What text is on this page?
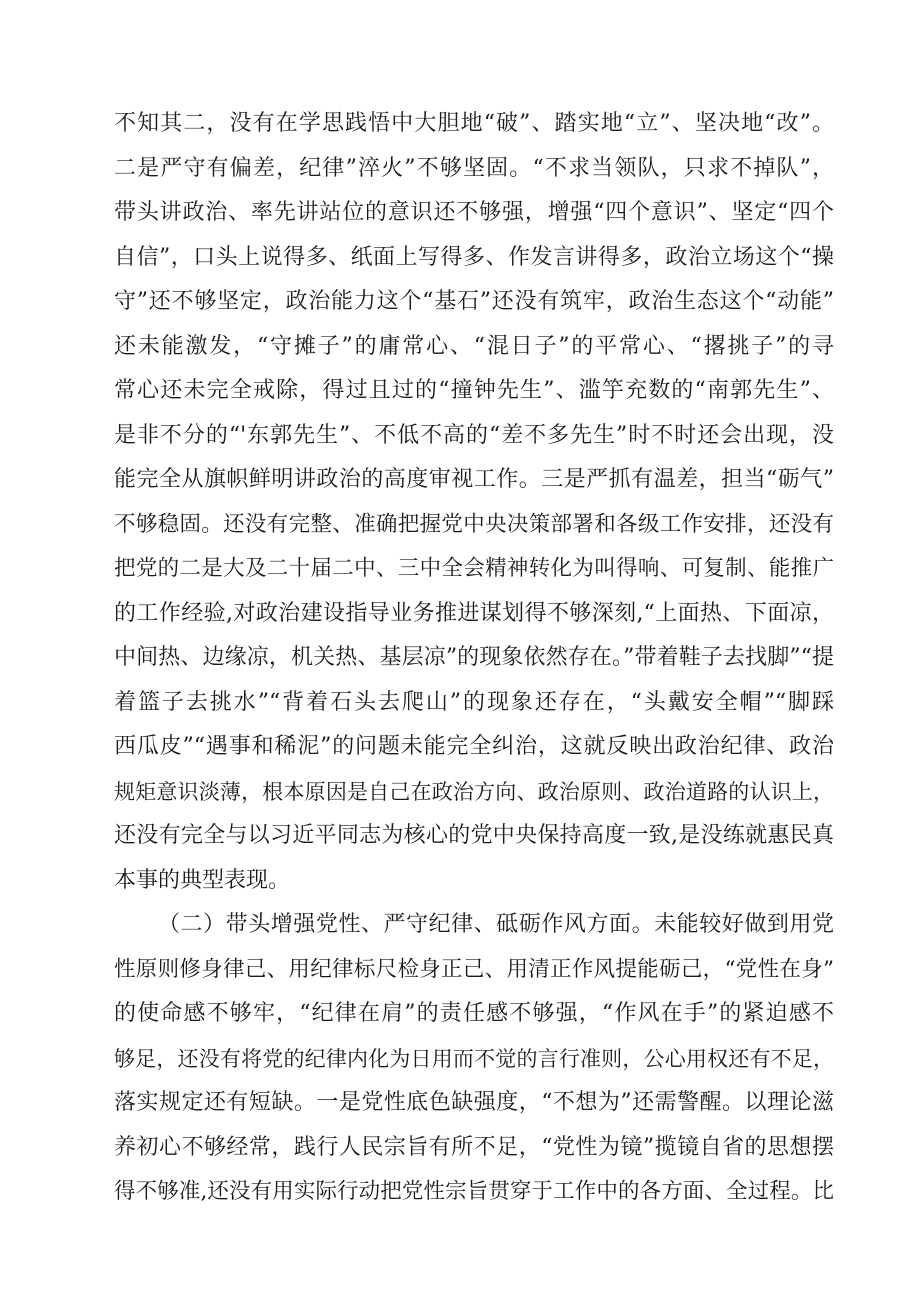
不知其二，没有在学思践悟中大胆地“破”、踏实地“立”、坚决地“改”。
二是严守有偏差，纪律”淬火”不够坚固。“不求当领队，只求不掉队”，
带头讲政治、率先讲站位的意识还不够强，增强“四个意识”、坚定“四个
自信”，口头上说得多、纸面上写得多、作发言讲得多，政治立场这个“操
守”还不够坚定，政治能力这个“基石”还没有筑牢，政治生态这个“动能”
还未能激发，“守摊子”的庸常心、“混日子”的平常心、“撂挑子”的寻
常心还未完全戒除，得过且过的“撞钟先生”、滥竽充数的“南郭先生”、
是非不分的“'东郭先生”、不低不高的“差不多先生”时不时还会出现，没
能完全从旗帜鲜明讲政治的高度审视工作。三是严抓有温差，担当“砺气”
不够稳固。还没有完整、准确把握党中央决策部署和各级工作安排，还没有
把党的二是大及二十届二中、三中全会精神转化为叫得响、可复制、能推广
的工作经验,对政治建设指导业务推进谋划得不够深刻,“上面热、下面凉，
中间热、边缘凉，机关热、基层凉”的现象依然存在。”带着鞋子去找脚”“提
着篮子去挑水”“背着石头去爬山”的现象还存在，“头戴安全帽”“脚踩
西瓜皮”“遇事和稀泥”的问题未能完全纠治，这就反映出政治纪律、政治
规矩意识淡薄，根本原因是自己在政治方向、政治原则、政治道路的认识上，
还没有完全与以习近平同志为核心的党中央保持高度一致,是没练就惠民真
本事的典型表现。
（二）带头增强党性、严守纪律、砥砺作风方面。未能较好做到用党
性原则修身律己、用纪律标尺检身正己、用清正作风提能砺己，“党性在身”
的使命感不够牢，“纪律在肩”的责任感不够强，“作风在手”的紧迫感不
够足，还没有将党的纪律内化为日用而不觉的言行准则，公心用权还有不足，
落实规定还有短缺。一是党性底色缺强度，“不想为”还需警醒。以理论滋
养初心不够经常，践行人民宗旨有所不足，“党性为镜”揽镜自省的思想摆
得不够准,还没有用实际行动把党性宗旨贯穿于工作中的各方面、全过程。比
